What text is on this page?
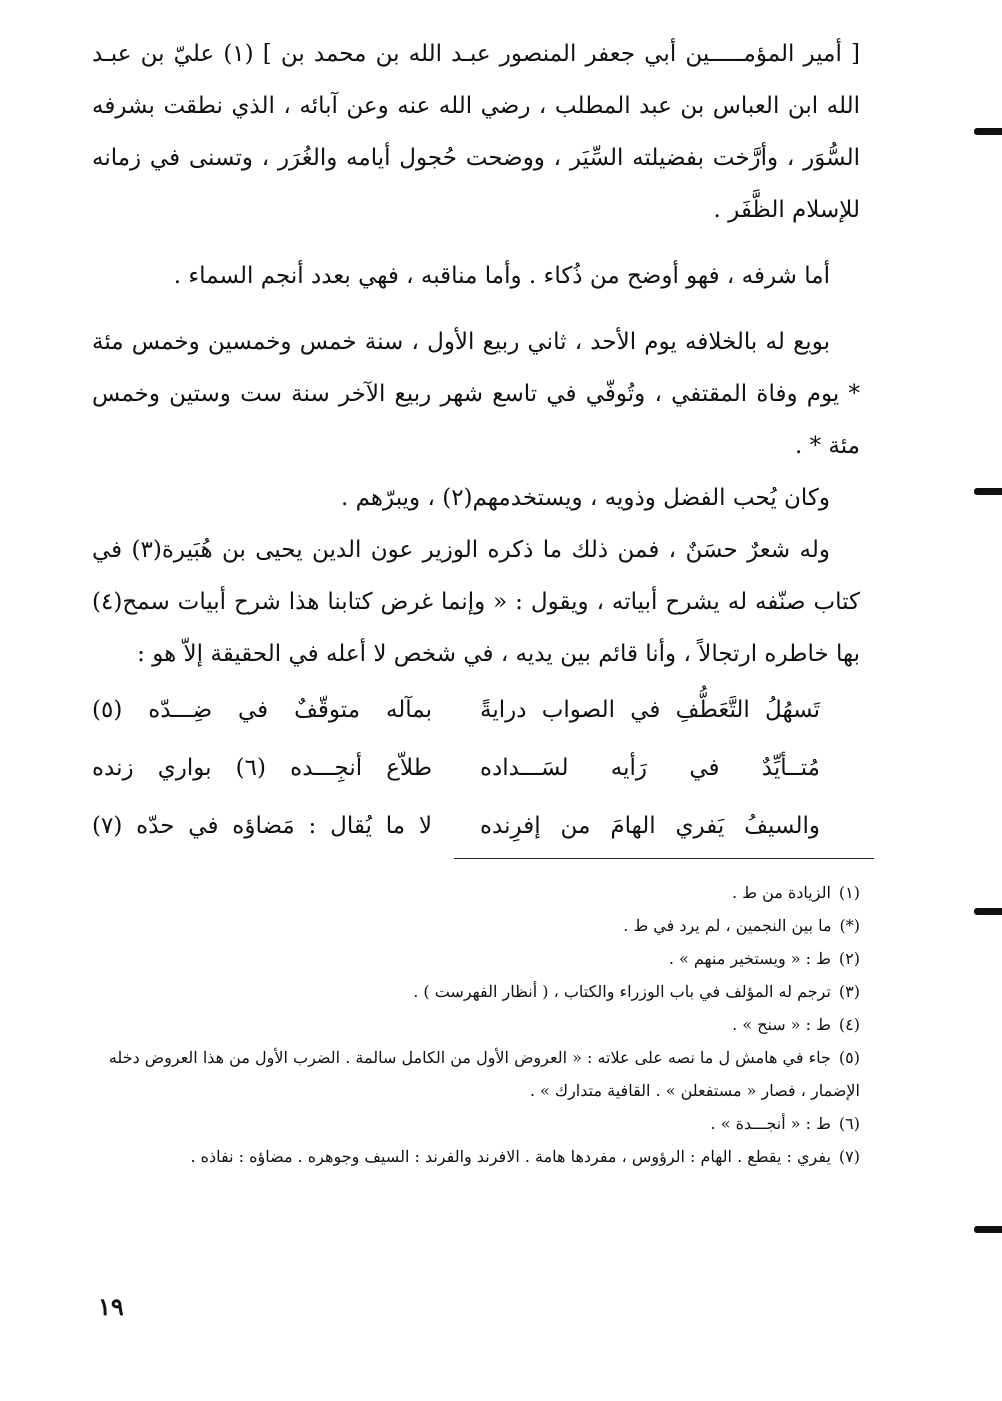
[ أمير المؤمـــــين أبي جعفر المنصور عبـد الله بن محمد بن ] (١) عليّ بن عبـد الله ابن العباس بن عبد المطلب ، رضي الله عنه وعن آبائه ، الذي نطقت بشرفه السُّوَر ، وأرَّخت بفضيلته السِّيَر ، ووضحت حُجول أيامه والغُرَر ، وتسنى في زمانه للإسلام الظَّفَر .

أما شرفه ، فهو أوضح من ذُكاء . وأما مناقبه ، فهي بعدد أنجم السماء .

بويع له بالخلافه يوم الأحد ، ثاني ربيع الأول ، سنة خمس وخمسين وخمس مئة * يوم وفاة المقتفي ، وتُوفّي في تاسع شهر ربيع الآخر سنة ست وستين وخمس مئة * .

وكان يُحب الفضل وذويه ، ويستخدمهم(٢) ، ويبرّهم .

وله شعرٌ حسَنٌ ، فمن ذلك ما ذكره الوزير عون الدين يحيى بن هُبَيرة(٣) في كتاب صنّفه له يشرح أبياته ، ويقول : « وإنما غرض كتابنا هذا شرح أبيات سمح(٤) بها خاطره ارتجالاً ، وأنا قائم بين يديه ، في شخص لا أعله في الحقيقة إلاّ هو :

تَسهُلُ التَّعَطُّفِ في الصواب درايةً
بمآله متوقّفٌ في ضِـــدّه (٥)
مُتــأيِّدٌ في رَأيه لسَـــداده
طلاّع أنجِـــده (٦) بواري زنده
والسيفُ يَفري الهامَ من إفرِنده
لا ما يُقال : مَضاؤه في حدّه (٧)

(١)الزيادة من ط .

(*)ما بين النجمين ، لم يرد في ط .

(٢)ط : « ويستخير منهم » .

(٣)ترجم له المؤلف في باب الوزراء والكتاب ، ( أنظار الفهرست ) .

(٤)ط : « سنح » .

(٥)جاء في هامش ل ما نصه على علاته : « العروض الأول من الكامل سالمة . الضرب الأول من هذا العروض دخله الإضمار ، فصار « مستفعلن » . القافية متدارك » .

(٦)ط : « أنجـــدة » .

(٧)يفري : يقطع . الهام : الرؤوس ، مفردها هامة . الافرند والفرند : السيف وجوهره . مضاؤه : نفاذه .

١٩
